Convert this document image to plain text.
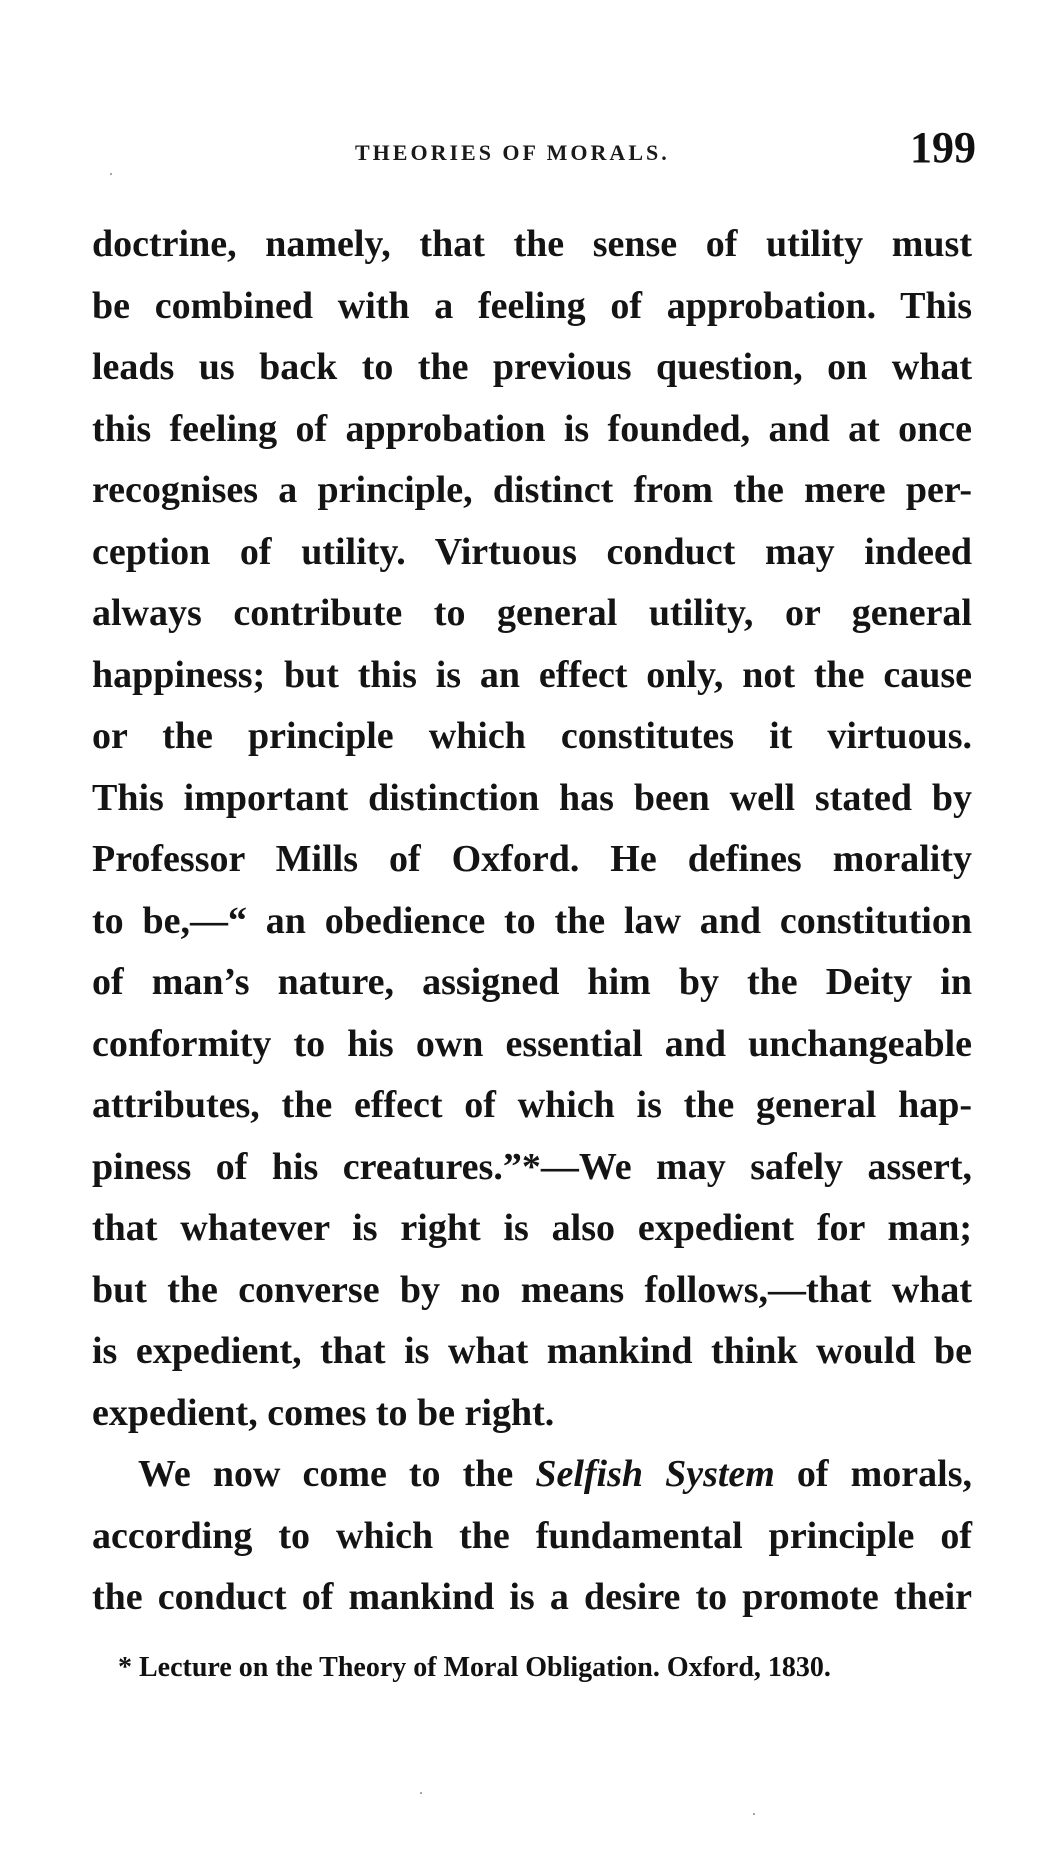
THEORIES OF MORALS.	199
doctrine, namely, that the sense of utility must
be combined with a feeling of approbation. This
leads us back to the previous question, on what
this feeling of approbation is founded, and at once
recognises a principle, distinct from the mere per-
ception of utility. Virtuous conduct may indeed
always contribute to general utility, or general
happiness; but this is an effect only, not the cause
or the principle which constitutes it virtuous.
This important distinction has been well stated by
Professor Mills of Oxford. He defines morality
to be,—“ an obedience to the law and constitution
of man’s nature, assigned him by the Deity in
conformity to his own essential and unchangeable
attributes, the effect of which is the general hap-
piness of his creatures.”*—We may safely assert,
that whatever is right is also expedient for man;
but the converse by no means follows,—that what
is expedient, that is what mankind think would be
expedient, comes to be right.
We now come to the Selfish System of morals,
according to which the fundamental principle of
the conduct of mankind is a desire to promote their
* Lecture on the Theory of Moral Obligation. Oxford, 1830.
